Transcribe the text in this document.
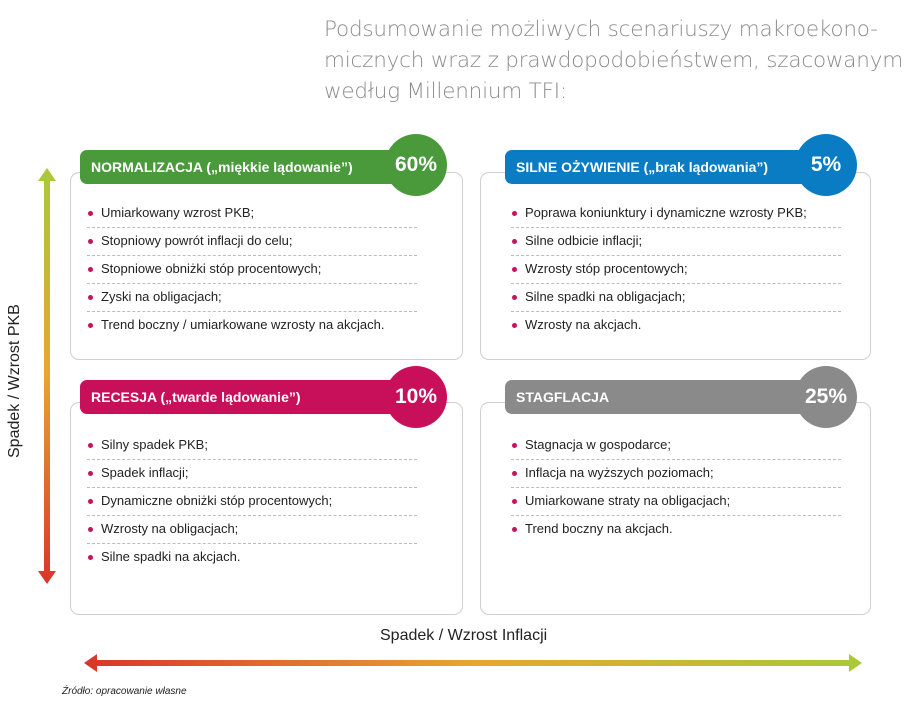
Podsumowanie możliwych scenariuszy makroekono-
micznych wraz z prawdopodobieństwem, szacowanym
według Millennium TFI:
Spadek / Wzrost PKB
NORMALIZACJA („miękkie lądowanie”)	60%
Umiarkowany wzrost PKB;
Stopniowy powrót inflacji do celu;
Stopniowe obniżki stóp procentowych;
Zyski na obligacjach;
Trend boczny / umiarkowane wzrosty na akcjach.
SILNE OŻYWIENIE („brak lądowania”)	5%
Poprawa koniunktury i dynamiczne wzrosty PKB;
Silne odbicie inflacji;
Wzrosty stóp procentowych;
Silne spadki na obligacjach;
Wzrosty na akcjach.
RECESJA („twarde lądowanie”)	10%
Silny spadek PKB;
Spadek inflacji;
Dynamiczne obniżki stóp procentowych;
Wzrosty na obligacjach;
Silne spadki na akcjach.
STAGFLACJA	25%
Stagnacja w gospodarce;
Inflacja na wyższych poziomach;
Umiarkowane straty na obligacjach;
Trend boczny na akcjach.
Spadek / Wzrost Inflacji
Źródło: opracowanie własne
